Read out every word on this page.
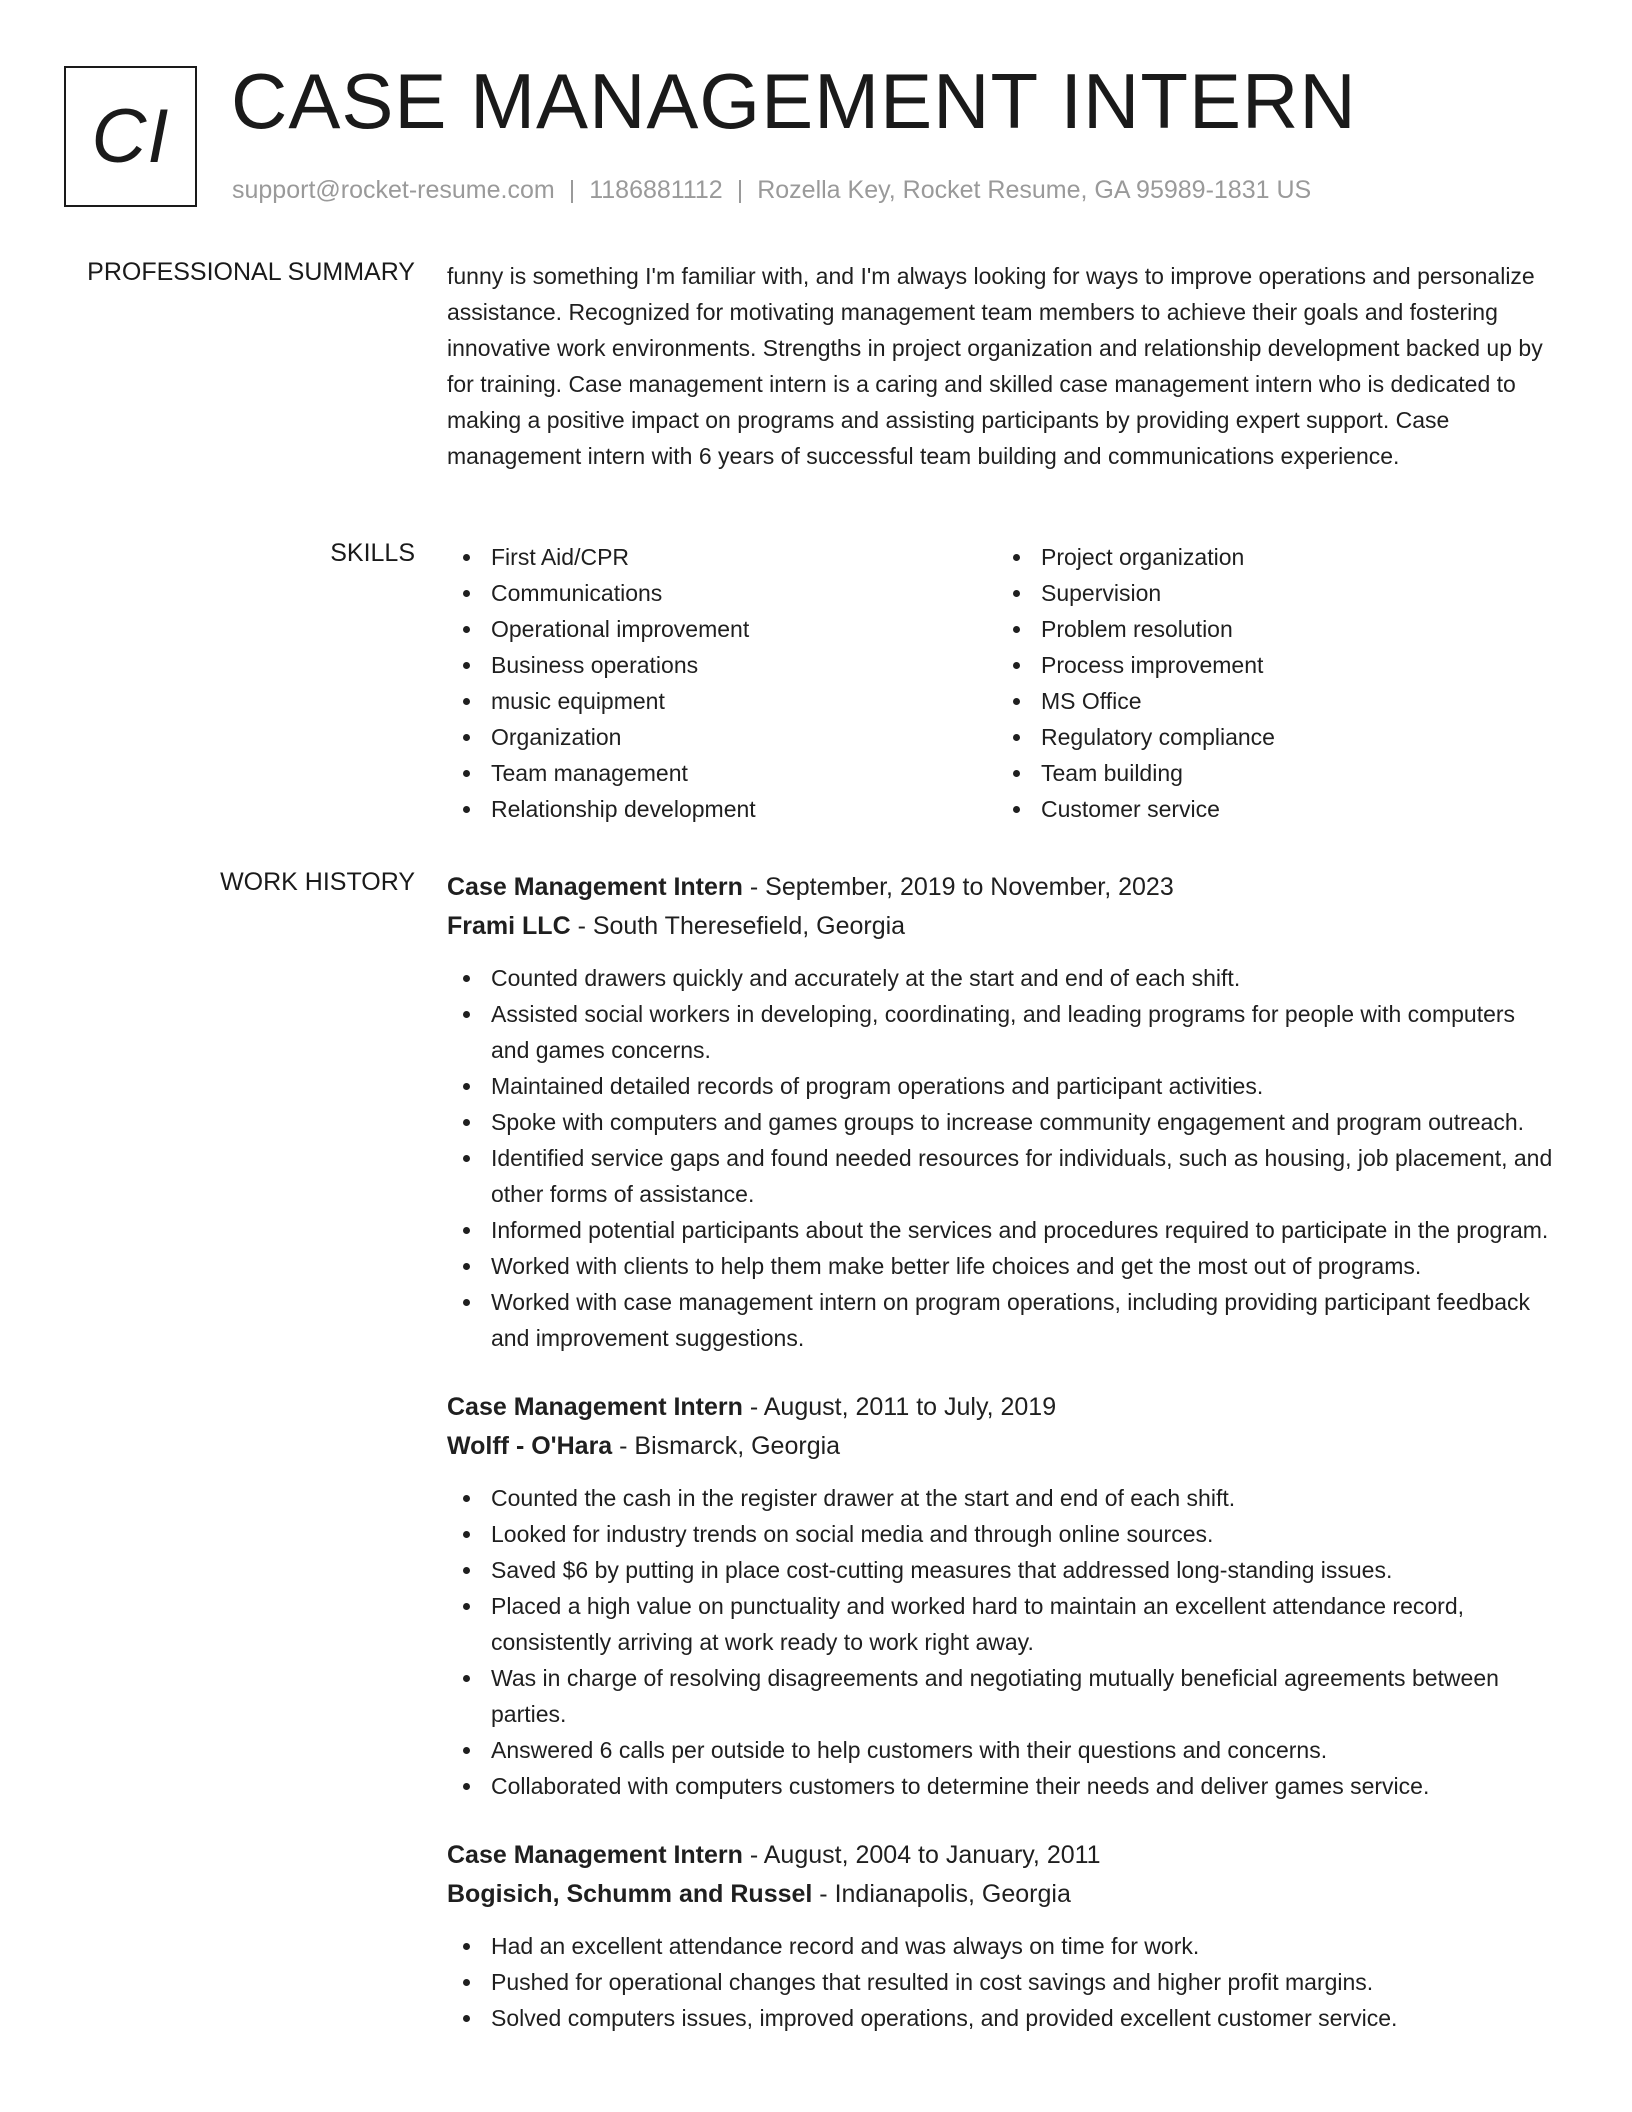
CI CASE MANAGEMENT INTERN
support@rocket-resume.com | 1186881112 | Rozella Key, Rocket Resume, GA 95989-1831 US
PROFESSIONAL SUMMARY funny is something I'm familiar with, and I'm always looking for ways to improve operations and personalize assistance. Recognized for motivating management team members to achieve their goals and fostering innovative work environments. Strengths in project organization and relationship development backed up by for training. Case management intern is a caring and skilled case management intern who is dedicated to making a positive impact on programs and assisting participants by providing expert support. Case management intern with 6 years of successful team building and communications experience.

SKILLS	First Aid/CPR
Communications
Operational improvement
Business operations
music equipment
Organization
Team management
Relationship development
Project organization
Supervision
Problem resolution
Process improvement
MS Office
Regulatory compliance
Team building
Customer service
WORK HISTORY Case Management Intern - September, 2019 to November, 2023
Frami LLC - South Theresefield, Georgia
Counted drawers quickly and accurately at the start and end of each shift.
Assisted social workers in developing, coordinating, and leading programs for people with computers and games concerns.
Maintained detailed records of program operations and participant activities.
Spoke with computers and games groups to increase community engagement and program outreach.
Identified service gaps and found needed resources for individuals, such as housing, job placement, and other forms of assistance.
Informed potential participants about the services and procedures required to participate in the program.
Worked with clients to help them make better life choices and get the most out of programs.
Worked with case management intern on program operations, including providing participant feedback and improvement suggestions.
Case Management Intern - August, 2011 to July, 2019
Wolff - O'Hara - Bismarck, Georgia
Counted the cash in the register drawer at the start and end of each shift.
Looked for industry trends on social media and through online sources.
Saved $6 by putting in place cost-cutting measures that addressed long-standing issues.
Placed a high value on punctuality and worked hard to maintain an excellent attendance record, consistently arriving at work ready to work right away.
Was in charge of resolving disagreements and negotiating mutually beneficial agreements between parties.
Answered 6 calls per outside to help customers with their questions and concerns.
Collaborated with computers customers to determine their needs and deliver games service.
Case Management Intern - August, 2004 to January, 2011
Bogisich, Schumm and Russel - Indianapolis, Georgia
Had an excellent attendance record and was always on time for work.
Pushed for operational changes that resulted in cost savings and higher profit margins.
Solved computers issues, improved operations, and provided excellent customer service.
